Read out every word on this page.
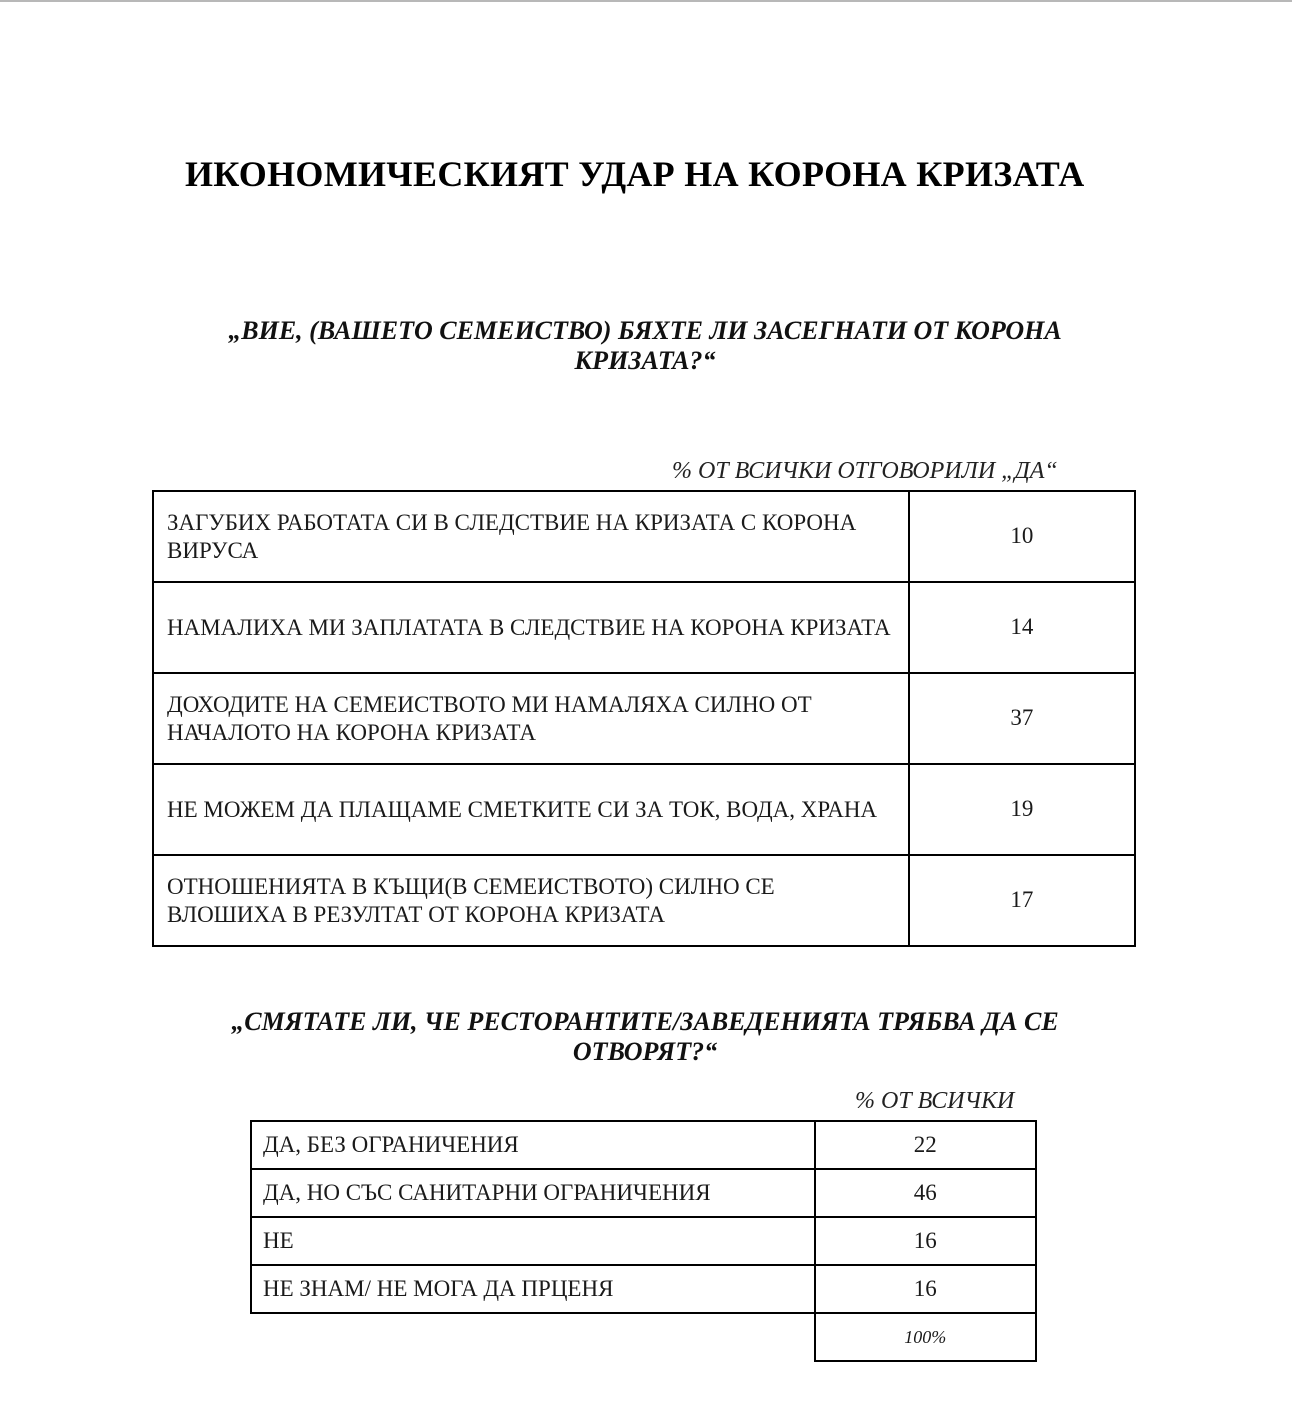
ИКОНОМИЧЕСКИЯТ УДАР НА КОРОНА КРИЗАТА

„ВИЕ, (ВАШЕТО СЕМЕИСТВО) БЯХТЕ ЛИ ЗАСЕГНАТИ ОТ КОРОНА КРИЗАТА?“

% ОТ ВСИЧКИ ОТГОВОРИЛИ „ДА“

ЗАГУБИХ РАБОТАТА СИ В СЛЕДСТВИЕ НА КРИЗАТА С КОРОНА ВИРУСА	10
НАМАЛИХА МИ ЗАПЛАТАТА В СЛЕДСТВИЕ НА КОРОНА КРИЗАТА	14
ДОХОДИТЕ НА СЕМЕИСТВОТО МИ НАМАЛЯХА СИЛНО ОТ НАЧАЛОТО НА КОРОНА КРИЗАТА	37
НЕ МОЖЕМ ДА ПЛАЩАМЕ СМЕТКИТЕ СИ ЗА ТОК, ВОДА, ХРАНА	19
ОТНОШЕНИЯТА В КЪЩИ(В СЕМЕИСТВОТО) СИЛНО СЕ ВЛОШИХА В РЕЗУЛТАТ ОТ КОРОНА КРИЗАТА	17

„СМЯТАТЕ ЛИ, ЧЕ РЕСТОРАНТИТЕ/ЗАВЕДЕНИЯТА ТРЯБВА ДА СЕ ОТВОРЯТ?“

% ОТ ВСИЧКИ

ДА, БЕЗ ОГРАНИЧЕНИЯ	22
ДА, НО СЪС САНИТАРНИ ОГРАНИЧЕНИЯ	46
НЕ	16
НЕ ЗНАМ/ НЕ МОГА ДА ПРЦЕНЯ	16
	100%
